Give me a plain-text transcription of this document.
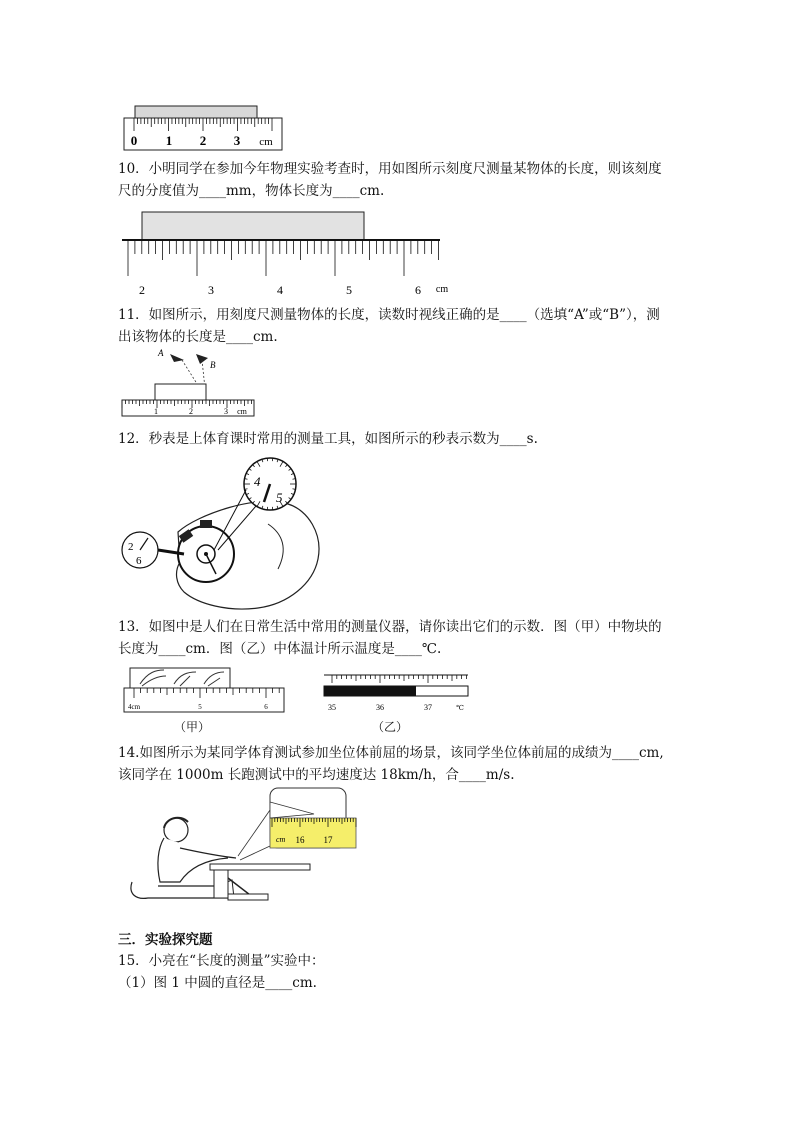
0 1 2 3 cm
10．小明同学在参加今年物理实验考查时，用如图所示刻度尺测量某物体的长度，则该刻度
尺的分度值为____mm，物体长度为____cm.
2	3	4	5	6 cm
11．如图所示，用刻度尺测量物体的长度，读数时视线正确的是____（选填“A”或“B”），测
出该物体的长度是____cm.
A
B
1	2	3 cm
12．秒表是上体育课时常用的测量工具，如图所示的秒表示数为____s.
2
6
4
5
13．如图中是人们在日常生活中常用的测量仪器，请你读出它们的示数．图（甲）中物块的
长度为____cm．图（乙）中体温计所示温度是____℃.
4cm	5	6
（甲）
35	36	37	℃
（乙）
14.如图所示为某同学体育测试参加坐位体前屈的场景，该同学坐位体前屈的成绩为____cm,
该同学在 1000m 长跑测试中的平均速度达 18km/h，合____m/s.
cm 16 17
三．实验探究题
15．小亮在“长度的测量”实验中：
（1）图 1 中圆的直径是____cm.
